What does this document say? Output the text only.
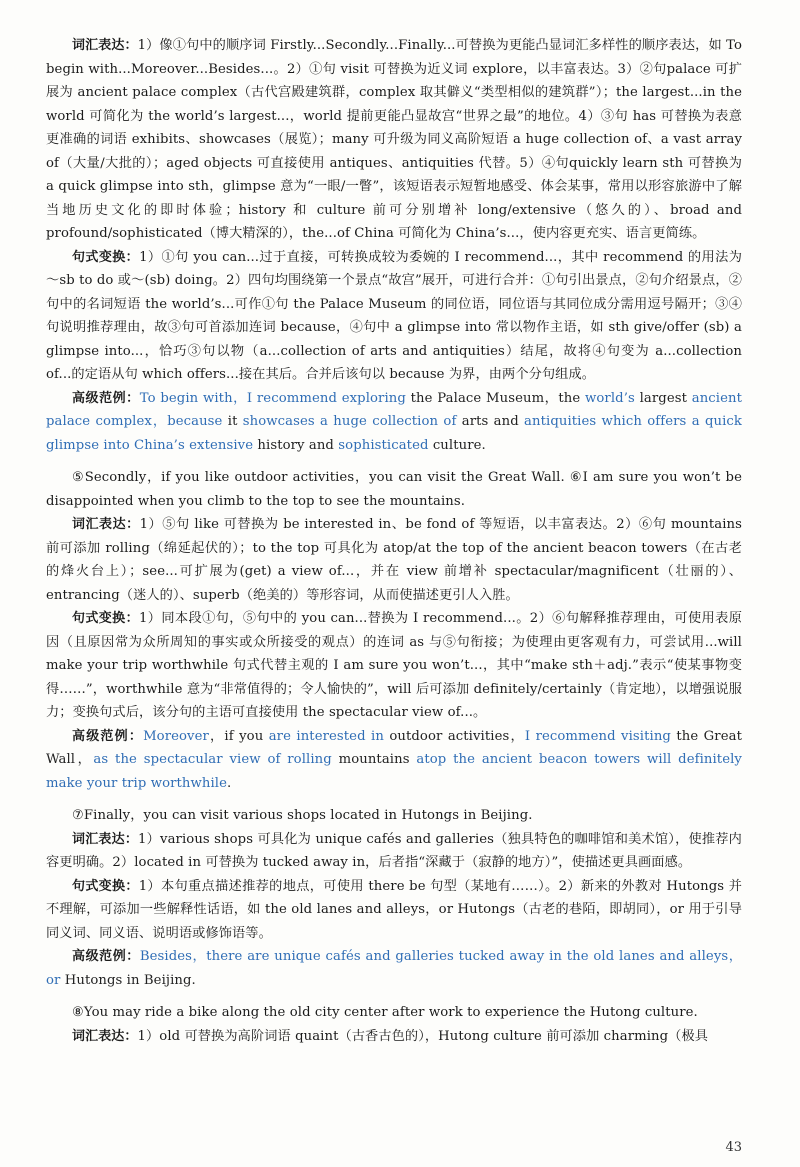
词汇表达：1）像①句中的顺序词 Firstly...Secondly...Finally...可替换为更能凸显词汇多样性的顺序表达，如 To begin with...Moreover...Besides...。2）①句 visit 可替换为近义词 explore，以丰富表达。3）②句palace 可扩展为 ancient palace complex（古代宫殿建筑群，complex 取其僻义“类型相似的建筑群”）；the largest...in the world 可简化为 the world’s largest...，world 提前更能凸显故宫“世界之最”的地位。4）③句 has 可替换为表意更准确的词语 exhibits、showcases（展览）；many 可升级为同义高阶短语 a huge collection of、a vast array of（大量/大批的）；aged objects 可直接使用 antiques、antiquities 代替。5）④句quickly learn sth 可替换为 a quick glimpse into sth，glimpse 意为“一眼/一瞥”，该短语表示短暂地感受、体会某事，常用以形容旅游中了解当地历史文化的即时体验；history 和 culture 前可分别增补 long/extensive（悠久的）、broad and profound/sophisticated（博大精深的），the...of China 可简化为 China’s...，使内容更充实、语言更简练。

句式变换：1）①句 you can...过于直接，可转换成较为委婉的 I recommend...，其中 recommend 的用法为～sb to do 或～(sb) doing。2）四句均围绕第一个景点“故宫”展开，可进行合并：①句引出景点，②句介绍景点，②句中的名词短语 the world’s...可作①句 the Palace Museum 的同位语，同位语与其同位成分需用逗号隔开；③④句说明推荐理由，故③句可首添加连词 because，④句中 a glimpse into 常以物作主语，如 sth give/offer (sb) a glimpse into...，恰巧③句以物（a...collection of arts and antiquities）结尾，故将④句变为 a...collection of...的定语从句 which offers...接在其后。合并后该句以 because 为界，由两个分句组成。

高级范例：To begin with，I recommend exploring the Palace Museum，the world’s largest ancient palace complex，because it showcases a huge collection of arts and antiquities which offers a quick glimpse into China’s extensive history and sophisticated culture.

⑤Secondly，if you like outdoor activities，you can visit the Great Wall. ⑥I am sure you won’t be disappointed when you climb to the top to see the mountains.

词汇表达：1）⑤句 like 可替换为 be interested in、be fond of 等短语，以丰富表达。2）⑥句 mountains 前可添加 rolling（绵延起伏的）；to the top 可具化为 atop/at the top of the ancient beacon towers（在古老的烽火台上）；see...可扩展为(get) a view of...，并在 view 前增补 spectacular/magnificent（壮丽的）、entrancing（迷人的）、superb（绝美的）等形容词，从而使描述更引人入胜。

句式变换：1）同本段①句，⑤句中的 you can...替换为 I recommend...。2）⑥句解释推荐理由，可使用表原因（且原因常为众所周知的事实或众所接受的观点）的连词 as 与⑤句衔接；为使理由更客观有力，可尝试用...will make your trip worthwhile 句式代替主观的 I am sure you won’t...，其中“make sth＋adj.”表示“使某事物变得……”，worthwhile 意为“非常值得的；令人愉快的”，will 后可添加 definitely/certainly（肯定地），以增强说服力；变换句式后，该分句的主语可直接使用 the spectacular view of...。

高级范例：Moreover，if you are interested in outdoor activities，I recommend visiting the Great Wall，as the spectacular view of rolling mountains atop the ancient beacon towers will definitely make your trip worthwhile.

⑦Finally，you can visit various shops located in Hutongs in Beijing.

词汇表达：1）various shops 可具化为 unique cafés and galleries（独具特色的咖啡馆和美术馆），使推荐内容更明确。2）located in 可替换为 tucked away in，后者指“深藏于（寂静的地方）”，使描述更具画面感。

句式变换：1）本句重点描述推荐的地点，可使用 there be 句型（某地有……）。2）新来的外教对 Hutongs 并不理解，可添加一些解释性话语，如 the old lanes and alleys，or Hutongs（古老的巷陌，即胡同），or 用于引导同义词、同义语、说明语或修饰语等。

高级范例：Besides，there are unique cafés and galleries tucked away in the old lanes and alleys，or Hutongs in Beijing.

⑧You may ride a bike along the old city center after work to experience the Hutong culture.

词汇表达：1）old 可替换为高阶词语 quaint（古香古色的），Hutong culture 前可添加 charming（极具

43
